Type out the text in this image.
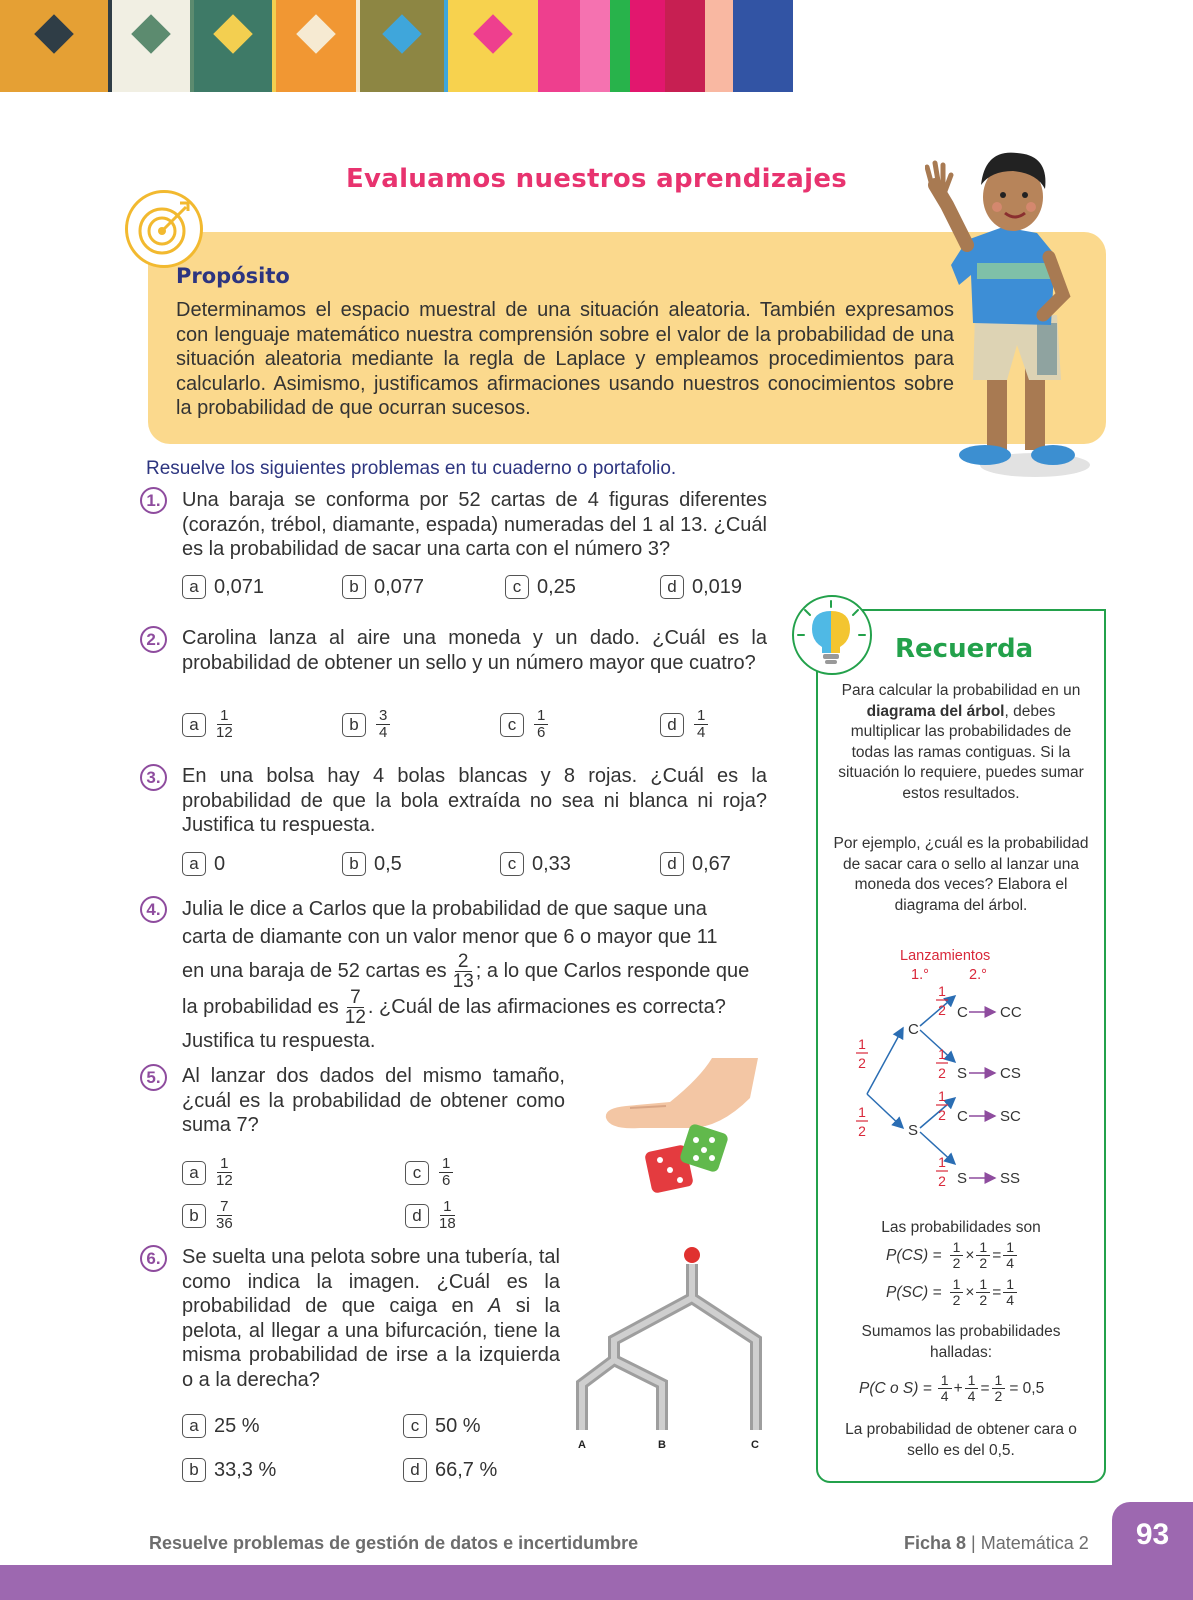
Evaluamos nuestros aprendizajes
Propósito
Determinamos el espacio muestral de una situación aleatoria. También expresamos con lenguaje matemático nuestra comprensión sobre el valor de la probabilidad de una situación aleatoria mediante la regla de Laplace y empleamos procedimientos para calcularlo. Asimismo, justificamos afirmaciones usando nuestros conocimientos sobre la probabilidad de que ocurran sucesos.
Resuelve los siguientes problemas en tu cuaderno o portafolio.
1.	Una baraja se conforma por 52 cartas de 4 figuras diferentes (corazón, trébol, diamante, espada) numeradas del 1 al 13. ¿Cuál es la probabilidad de sacar una carta con el número 3?
a 0,071	b 0,077	c 0,25	d 0,019
2.	Carolina lanza al aire una moneda y un dado. ¿Cuál es la probabilidad de obtener un sello y un número mayor que cuatro?
a	$\frac{1}{12}$	b	$\frac{3}{4}$	c	$\frac{1}{6}$	d	$\frac{1}{4}$
3.	En una bolsa hay 4 bolas blancas y 8 rojas. ¿Cuál es la probabilidad de que la bola extraída no sea ni blanca ni roja? Justifica tu respuesta.
a 0	b 0,5	c 0,33	d 0,67
4.	Julia le dice a Carlos que la probabilidad de que saque una
carta de diamante con un valor menor que 6 o mayor que 11
en una baraja de 52 cartas es $\frac{2}{13}$ ; a lo que Carlos responde que
la probabilidad es $\frac{7}{12}$ . ¿Cuál de las afirmaciones es correcta?
Justifica tu respuesta.
5.	Al lanzar dos dados del mismo tamaño, ¿cuál es la probabilidad de obtener como suma 7?
a	$\frac{1}{12}$
b	$\frac{7}{36}$
c	$\frac{1}{6}$
d	$\frac{1}{18}$
6.	Se suelta una pelota sobre una tubería, tal como indica la imagen. ¿Cuál es la probabilidad de que caiga en A si la pelota, al llegar a una bifurcación, tiene la misma probabilidad de irse a la izquierda o a la derecha?
a 25 %
b 33,3 %
c 50 %
d 66,7 %
A	B	C
Recuerda
Para calcular la probabilidad en un diagrama del árbol, debes multiplicar las probabilidades de todas las ramas contiguas. Si la situación lo requiere, puedes sumar estos resultados.
Por ejemplo, ¿cuál es la probabilidad de sacar cara o sello al lanzar una moneda dos veces? Elabora el diagrama del árbol.
Lanzamientos
1.°	2.°
C
S
C
S
C
S
CC
CS
SC
SS
1
2
1
2
1
2
1
2
1
2
1
2
Las probabilidades son
$P(CS) = \frac{1}{2} \times \frac{1}{2} = \frac{1}{4}$
$P(SC) = \frac{1}{2} \times \frac{1}{2} = \frac{1}{4}$
Sumamos las probabilidades halladas:
P(C o $S) = \frac{1}{4} + \frac{1}{4} = \frac{1}{2} = 0,5$
La probabilidad de obtener cara o sello es del 0,5.
93
Resuelve problemas de gestión de datos e incertidumbre	Ficha 8 | Matemática 2
